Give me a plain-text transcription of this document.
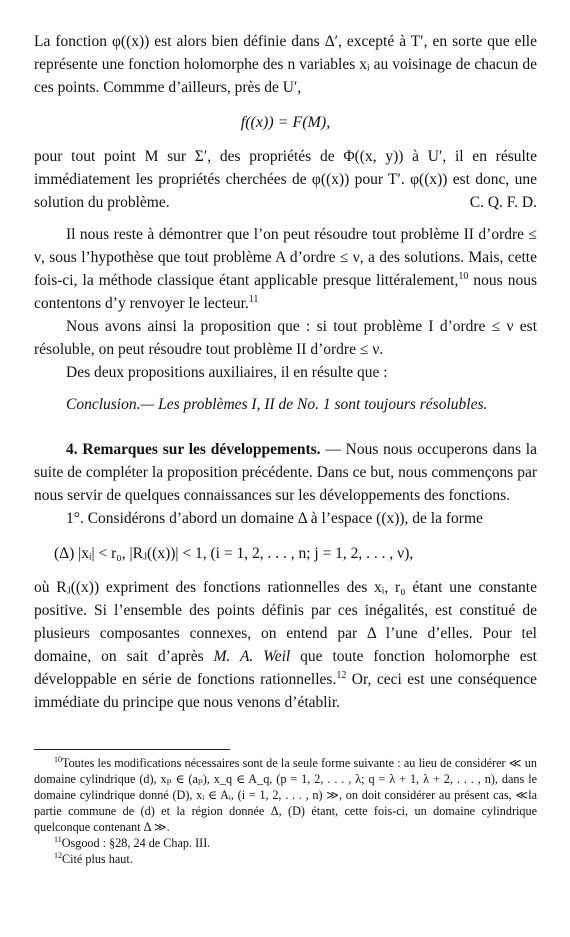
La fonction φ((x)) est alors bien définie dans Δ′, excepté à T′, en sorte que elle représente une fonction holomorphe des n variables xᵢ au voisinage de chacun de ces points. Commme d’ailleurs, près de U′,

f((x)) = F(M),

pour tout point M sur Σ′, des propriétés de Φ((x, y)) à U′, il en résulte immédiatement les propriétés cherchées de φ((x)) pour T′. φ((x)) est donc, une solution du problème.	C. Q. F. D.

Il nous reste à démontrer que l’on peut résoudre tout problème II d’ordre ≤ ν, sous l’hypothèse que tout problème A d’ordre ≤ ν, a des solutions. Mais, cette fois-ci, la méthode classique étant applicable presque littéralement,$^{10}$ nous nous contentons d’y renvoyer le lecteur.$^{11}$

Nous avons ainsi la proposition que : si tout problème I d’ordre ≤ ν est résoluble, on peut résoudre tout problème II d’ordre ≤ ν.

Des deux propositions auxiliaires, il en résulte que :

Conclusion.— Les problèmes I, II de No. 1 sont toujours résolubles.

4. Remarques sur les développements. — Nous nous occuperons dans la suite de compléter la proposition précédente. Dans ce but, nous commençons par nous servir de quelques connaissances sur les développements des fonctions.

1°. Considérons d’abord un domaine Δ à l’espace ((x)), de la forme

(Δ) |xᵢ| < r₀, |Rⱼ((x))| < 1, (i = 1, 2, . . . , n; j = 1, 2, . . . , ν),

où Rⱼ((x)) expriment des fonctions rationnelles des xᵢ, r₀ étant une constante positive. Si l’ensemble des points définis par ces inégalités, est constitué de plusieurs composantes connexes, on entend par Δ l’une d’elles. Pour tel domaine, on sait d’après M. A. Weil que toute fonction holomorphe est développable en série de fonctions rationnelles.$^{12}$ Or, ceci est une conséquence immédiate du principe que nous venons d’établir.

$^{10}$Toutes les modifications nécessaires sont de la seule forme suivante : au lieu de considérer ≪ un domaine cylindrique (d), xₚ ∈ (aₚ), x_q ∈ A_q, (p = 1, 2, . . . , λ; q = λ + 1, λ + 2, . . . , n), dans le domaine cylindrique donné (D), xᵢ ∈ Aᵢ, (i = 1, 2, . . . , n) ≫, on doit considérer au présent cas, ≪la partie commune de (d) et la région donnée Δ, (D) étant, cette fois-ci, un domaine cylindrique quelconque contenant Δ ≫.

$^{11}$Osgood : §28, 24 de Chap. III.

$^{12}$Cité plus haut.
